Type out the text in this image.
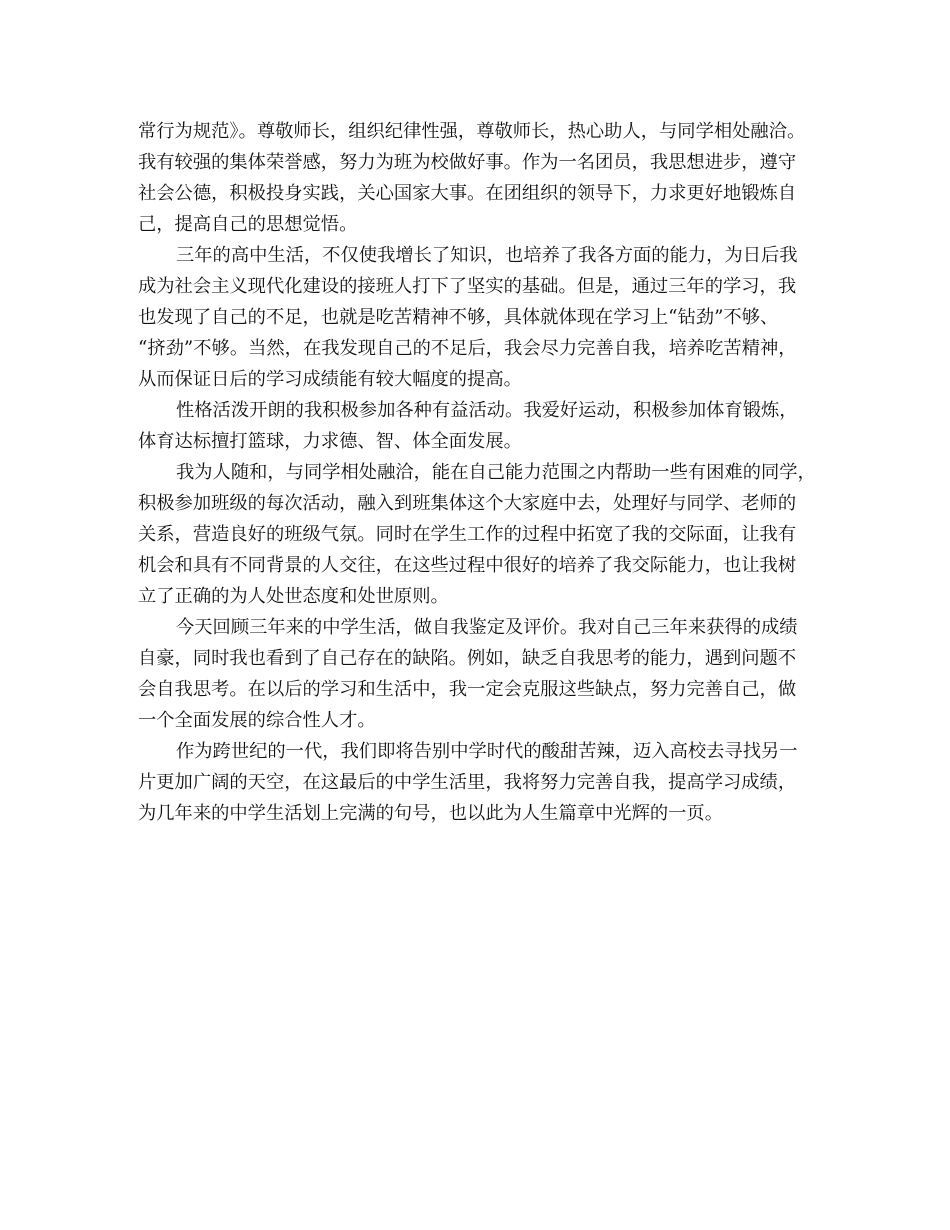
常行为规范》。尊敬师长，组织纪律性强，尊敬师长，热心助人，与同学相处融洽。
我有较强的集体荣誉感，努力为班为校做好事。作为一名团员，我思想进步，遵守
社会公德，积极投身实践，关心国家大事。在团组织的领导下，力求更好地锻炼自
己，提高自己的思想觉悟。
三年的高中生活，不仅使我增长了知识，也培养了我各方面的能力，为日后我
成为社会主义现代化建设的接班人打下了坚实的基础。但是，通过三年的学习，我
也发现了自己的不足，也就是吃苦精神不够，具体就体现在学习上“钻劲”不够、
“挤劲”不够。当然，在我发现自己的不足后，我会尽力完善自我，培养吃苦精神，
从而保证日后的学习成绩能有较大幅度的提高。
性格活泼开朗的我积极参加各种有益活动。我爱好运动，积极参加体育锻炼，
体育达标擅打篮球，力求德、智、体全面发展。
我为人随和，与同学相处融洽，能在自己能力范围之内帮助一些有困难的同学，
积极参加班级的每次活动，融入到班集体这个大家庭中去，处理好与同学、老师的
关系，营造良好的班级气氛。同时在学生工作的过程中拓宽了我的交际面，让我有
机会和具有不同背景的人交往，在这些过程中很好的培养了我交际能力，也让我树
立了正确的为人处世态度和处世原则。
今天回顾三年来的中学生活，做自我鉴定及评价。我对自己三年来获得的成绩
自豪，同时我也看到了自己存在的缺陷。例如，缺乏自我思考的能力，遇到问题不
会自我思考。在以后的学习和生活中，我一定会克服这些缺点，努力完善自己，做
一个全面发展的综合性人才。
作为跨世纪的一代，我们即将告别中学时代的酸甜苦辣，迈入高校去寻找另一
片更加广阔的天空，在这最后的中学生活里，我将努力完善自我，提高学习成绩，
为几年来的中学生活划上完满的句号，也以此为人生篇章中光辉的一页。
